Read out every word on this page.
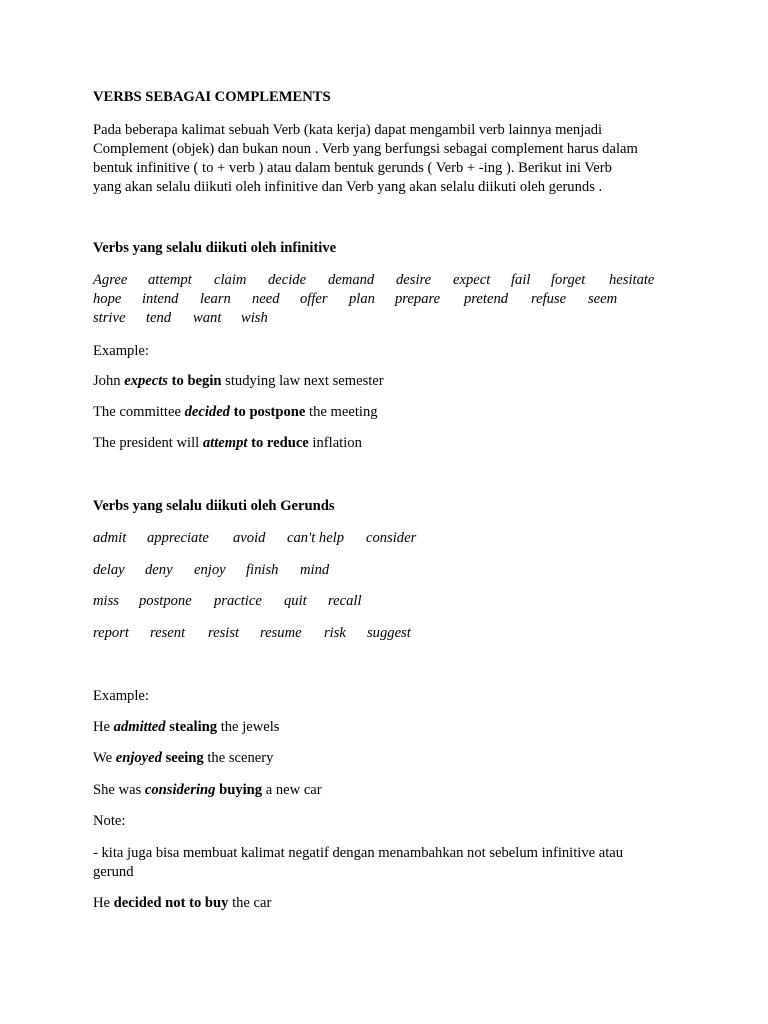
VERBS SEBAGAI COMPLEMENTS
Pada beberapa kalimat sebuah Verb (kata kerja) dapat mengambil verb lainnya menjadi
Complement (objek) dan bukan noun . Verb yang berfungsi sebagai complement harus dalam
bentuk infinitive ( to + verb ) atau dalam bentuk gerunds ( Verb + -ing ). Berikut ini Verb
yang akan selalu diikuti oleh infinitive dan Verb yang akan selalu diikuti oleh gerunds .
Verbs yang selalu diikuti oleh infinitive
Agree attempt claim decide demand desire expect fail forget hesitate
hope intend learn need offer plan prepare pretend refuse seem
strive tend want wish
Example:
John expects to begin studying law next semester
The committee decided to postpone the meeting
The president will attempt to reduce inflation
Verbs yang selalu diikuti oleh Gerunds
admit appreciate avoid can't help consider
delay deny enjoy finish mind
miss postpone practice quit recall
report resent resist resume risk suggest
Example:
He admitted stealing the jewels
We enjoyed seeing the scenery
She was considering buying a new car
Note:
- kita juga bisa membuat kalimat negatif dengan menambahkan not sebelum infinitive atau
gerund
He decided not to buy the car
